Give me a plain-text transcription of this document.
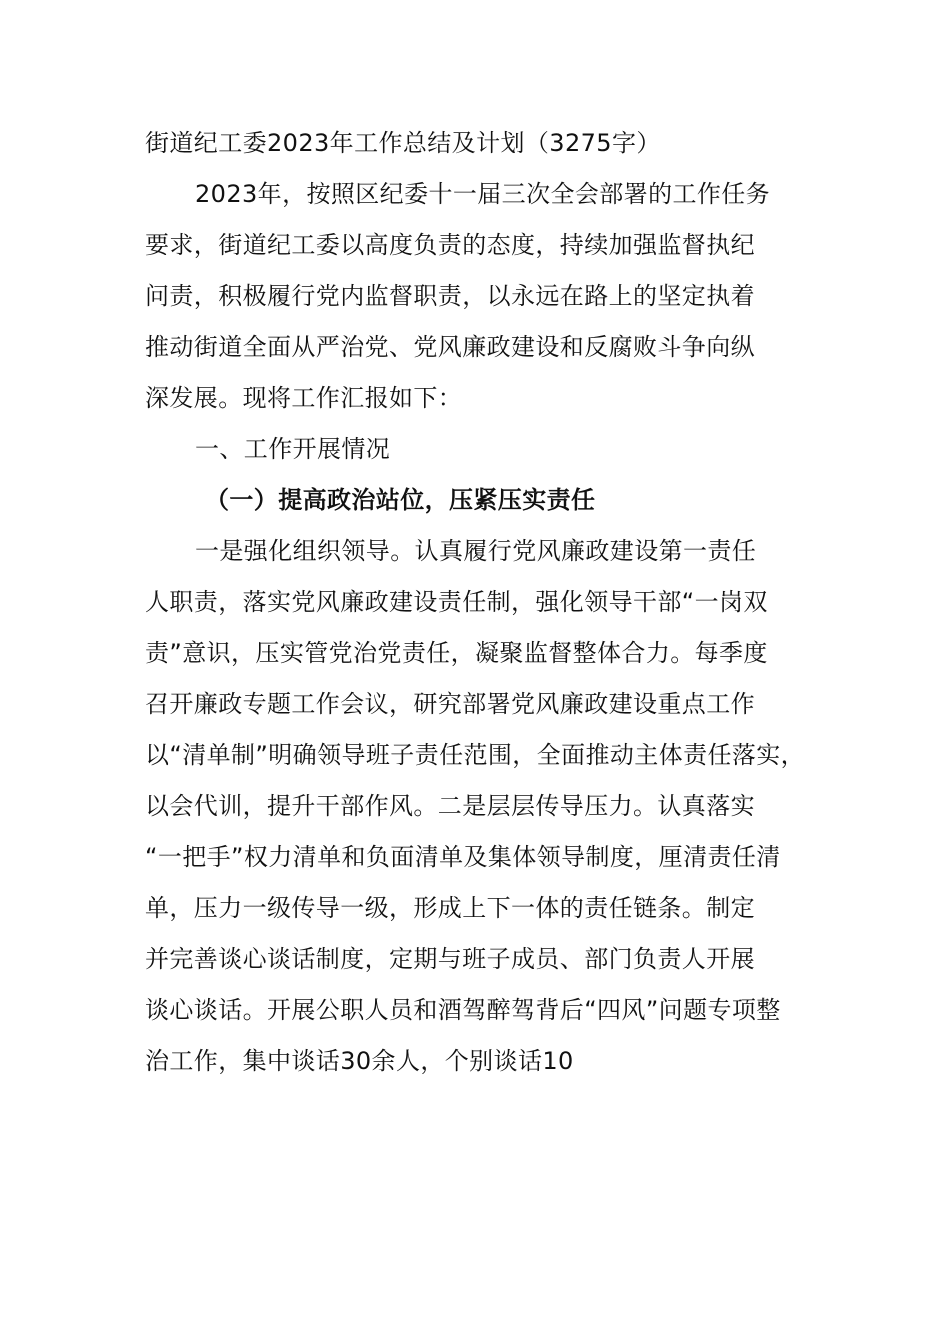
街道纪工委2023年工作总结及计划（3275字）
2023年，按照区纪委十一届三次全会部署的工作任务
要求，街道纪工委以高度负责的态度，持续加强监督执纪
问责，积极履行党内监督职责，以永远在路上的坚定执着
推动街道全面从严治党、党风廉政建设和反腐败斗争向纵
深发展。现将工作汇报如下：
一、工作开展情况
（一）提高政治站位，压紧压实责任
一是强化组织领导。认真履行党风廉政建设第一责任
人职责，落实党风廉政建设责任制，强化领导干部“一岗双
责”意识，压实管党治党责任，凝聚监督整体合力。每季度
召开廉政专题工作会议，研究部署党风廉政建设重点工作
以“清单制”明确领导班子责任范围，全面推动主体责任落实，
以会代训，提升干部作风。二是层层传导压力。认真落实
“一把手”权力清单和负面清单及集体领导制度，厘清责任清
单，压力一级传导一级，形成上下一体的责任链条。制定
并完善谈心谈话制度，定期与班子成员、部门负责人开展
谈心谈话。开展公职人员和酒驾醉驾背后“四风”问题专项整
治工作，集中谈话30余人，个别谈话10
